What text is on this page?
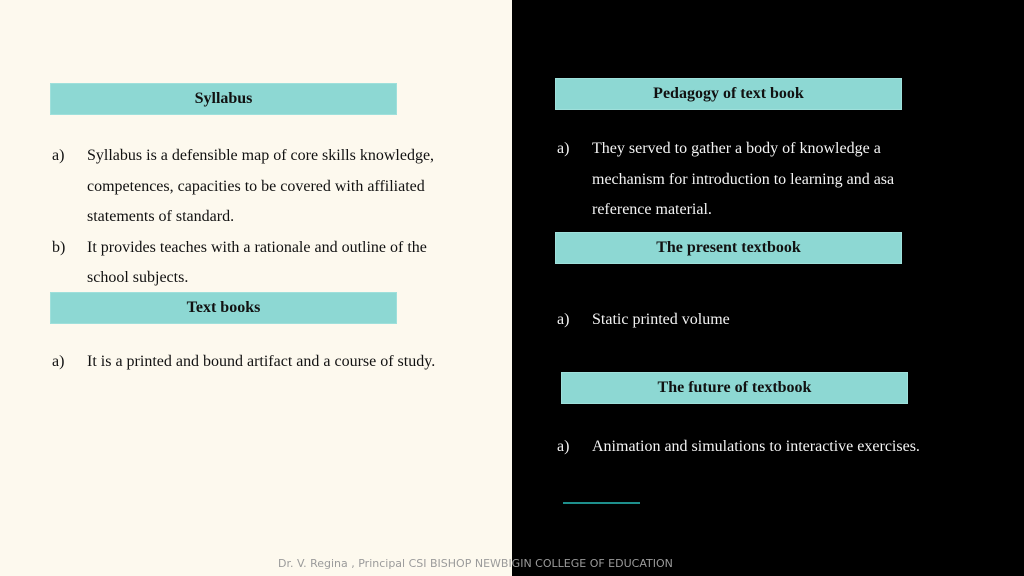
Syllabus
a)	Syllabus is a defensible map of core skills knowledge, competences, capacities to be covered with affiliated statements of standard.
b)	It provides teaches with a rationale and outline of the school subjects.
Text books
a)	It is a printed and bound artifact and a course of study.
Pedagogy of text book
a)	They served to gather a body of knowledge a mechanism for introduction to learning and asa reference material.
The present textbook
a)	Static printed volume
The future of textbook
a)	Animation and simulations to interactive exercises.
Dr. V. Regina , Principal CSI BISHOP NEWBIGIN COLLEGE OF EDUCATION
